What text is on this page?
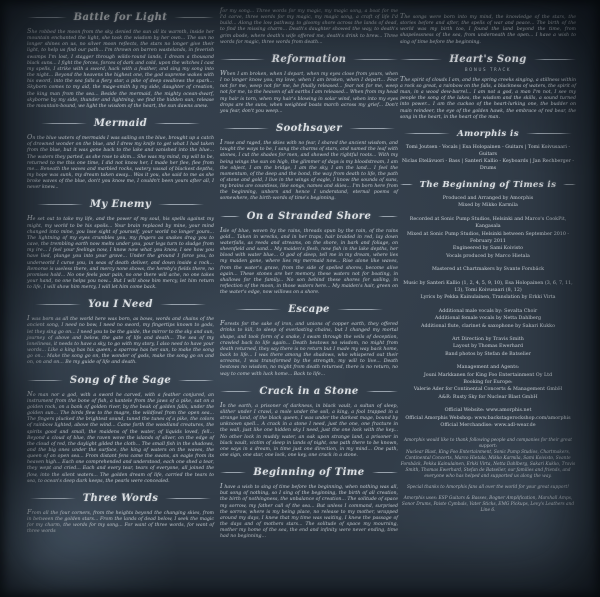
Battle for Light
She robbed the moon from the sky, denied the sun all its warmth, inside her mountain enchanted the light, she took the wisdom by her own... The sun no longer shines on us, no silver moon reflects, the stars no longer give their light, to help us find our path... I'm thrown on barren wastelands, in feverish swamps I'm lost, I stagger through wilds-round lands, I dream a thousand black suns... I fight the forces, forces of dark and cold, upon the witches I cast my spells, I strike with a sword, hack with a feather, and sing my song into the night... Beyond the heavens the highest one, the god supreme wakes with his sword, into the sea falls a fiery star, a pike of deep swallows the spark... Skyborn comes to my aid, the mage-smith by my side, daughter of creation, the king man from the sea... Beside the mermaid, the mighty ocean-dwarf, skyborne by my side, thunder and lightning, we find the hidden sun, release the mountain-bound, we light the wisdom of the heart, the sun dawns anew.
Mermaid
On the blue waters of mermaids I was sailing on the blue, brought up a catch of drowned wonder on the blue, and I drew my knife to get what I had taken from the blue, but it was gone back to the lake and vanished into the blue... The waters they parted, as she rose to skim... She was my mind, my will to be, returned to me this one time, I did not know her, I made her flee, flee from me... Beneath the waves and marbled rocks, watery vassal of blackest depths, my hope was sunk, my dream taken away... Was it you, she said to me as she broke waves of the blue, don't you know me, I couldn't been yours after all, I never knew...
My Enemy
He set out to take my life, and the power of my soul, his spells against my might, my world to be his spoils... Your brain replaced by mine, your mind changed into mine, you lose sight of yourself, your world no longer yours... The lightning of my eyes crumbles you, my fingers as snakes drag you to cave, the trembling earth now melts under you, your legs turn to sludge from my ire... I feel your feelings now, I know now what you know, I see how you have lied, plunge you into your grave... Under the ground I force you, to underworld I curse you, in seas of death deliver, and down inside a rock... Remorse is useless there, and mercy none shows, the hereby's fields there, no promises hold... No one feels your pain, no one there will ache, no one takes your hand, no one helps you now... But I will show him mercy, let him return to life, I will show him mercy, I will let him come back.
You I Need
I was born as all the world here was born, as bows, words and chains of the ancient song, I need no bow, I need no sword, my fingertips known to gods, let they sing go on... I need you to be the guide, the mirror to the sky and sun, journey of above and below, the gate of life and death... The sea of my loneliness, it needs to have a sky, to go with my story, I also need to have your words... Like a king has his queen, a sparrow has her sun, to make the song go on... Make the song go on, the wonder of gods, make the song go on and on, on and on... Be my guide of life and death.
Song of the Sage
No man nor a god, with a sword he carved, with a feather conjured, an instrument from the bone of fish, a kantele from the jaws of a pike, sat on a golden rock, on a bank of golden river, by the beak of golden falls, under the golden sun... The birds flew to the magre, the wildfowl from the open sea... The fingers plucked the brightest sound, tuned the tunes of a pike, the colors of rainbow lighted, above the wind... Came forth the woodland creatures, the spirits good and small, the maidens of the water, of liquids loved, fell... Beyond a cloud of blue, the raven wove the islands of silver, on the edge of the cloud of red, the daylight gilded the cloth... The small fish in the shadows, and the big ones under the surface, the king of waters on the waves, the queen of an open sea... From distant fens came the swans, an eagle from its heaven high... Each one comprehended and understood, each one shed a tear, they wept and cried... Each and every tear, tears of everyone, all joined the flow, into the silent waters... The golden dream of life, carried the tears to sea, to ocean's deep dark keeps, the pearls were concealed.
Three Words
From all the four corners, from the heights beyond the changing skies, from in between the golden stars... From the lands of dead below, I seek the magic for my charm, the words for my song... For want of three words, for want of three words
for my song... Three words for my magic, my magic song, a boat for me I'd carve, three words for my magic, my magic song, a craft of life I'd build... Along the low pathway, to gloomy shore across the lands of dead, to find the missing charm... Death's daughter showed the way, to death's grim abode, where death's wife offered me, death's drink to brew... Three words for magic, three words from death...
Reformation
When I am broken, when I depart, when my eyes close from yours, when I no longer know you, my love, when I am broken, when I depart... Fear not for me, weep not for me, be finally released... fear not for me, weep not for me, to the heaven of all earths I am released... When from my head my hair is torn, when my hair's blowing in solar wind, when into my eyes drops are the suns, when weighted boats march across my grief... Don't you fear, don't you weep...
Soothsayer
I rose and raged, the skies with no fear, I shared the ancient wisdom, and taught the ways to be, I sang the charms of stars, and named the leaf with stones, I cut the shades for men, and showed the rightful roots... With my being wings the sun on high, the glimmer of days is my bloodstream, I am the object, I am the bridge, I am the sky, I am the land... I feel the momentum, of the deep and the bond, the way from death to life, the path of stone and gold, I live in the wings of eagle, I know the sounds of suns, my brains are countless, like songs, names and skies... I'm born here from the beginning, unborn and hence I understand, eternal poems of somewhere, the birth-words of time's beginning.
On a Stranded Shore
Isle of blue, woven by the rains, threads spun by the rain, of the rains gold... Taken in wrecks, and in her traps, hair braided in red, lay down waterfalls, as reeds and streams, on the shore, in bark and foliage, on sheenfield and sand... My maiden's flesh, now fish in the lake depths, her blood with water blue... O god of sleep, tell me in my dream, where lies my maiden gone, where lies my mermaid now... Rise alone like waves, from the water's grave, from the side of spelled shores, become alive again... These stones are her memory, these waters not for boating, in shallows for the family... No son behind these shores for sailing, in reflection of the moon, in those waters here... My maiden's hair, green on the water's edge, now willows on a shore.
Escape
Forests for the sake of iron, and unions of copper earth, they offered drinks to kill, to sleep of everlasting chains, but I changed my mortal shape, and took form of a snake, I swam through the veils of deception, crawled back to life again... Death bestows no wisdom, no might from death returned, they say there is no return but I made my way back home, back to life... I was there among the shadows, who whispered out their screams, I was transformed by the strength, my will to live... Death bestows no wisdom, no might from death returned, there is no return, no way to come with luck home... Back to life...
Crack in a Stone
In the earth, a prisoner of darkness, in black vault, a sultan of sleep, slither under I crawl, a mole under the soil, a king, a fool trapped in a strange land, of the black queen, I was under the darkest mage, bound by unknown spell... A crack in a stone I need, just the one, one fracture in the wall, just like one hidden sky I need, just the one lock with the key... No other lock in muddy water, an oak upon strange land, a prisoner in black vault, victim of sleep in lands of night, one path there to be known, one says in a dream, in time just one direction, in my mind... One path, one sign, one star, one lock, one key, one crack in a stone.
Beginning of Time
I have a wish to sing of time before the beginning, when nothing was all, but song of nothing, so I sing of the beginning, the birth of all creation, the birth of nothingness, the unbalance of creation... The solitude of space my sorrow, my father call of the sea... But unless I command, surprised the sorrow, where is my being place, no release to my mother, wrapped around my days, I knew that my time was waiting, I knew the passage of the days and of mothers stars... The solitude of space my mourning, mother my home of the sea, the end and infinity were never ending, time had no beginning...
The songs were born into my mind, the knowledge of the stars, the stories before and after, the spells of war and peace... The birth of the world was my birth too, I found the land beyond the time, from shapelessness of the sea, from underneath the open... I have a wish to sing of time before the beginning.
Heart's Song
BONUS TRACK
The spirit of clouds I am, and the spring creeks singing, a stillness within a rock so great, a rainbow on the falls, a blackness of waters, the spirit of man, in a wood dew-barrel... I am not a god, a man I'm not, I see my people the song of the lakes, the wisdom and the skills, a sound turned into power... I am the cuckoo of the heart-lurking one, the budder on main reindeer, the eye of the golden hawk, the embrace of red bear, the song in the heart, in the heart of the man.
Amorphis is
Tomi Joutsen - Vocals | Esa Holopainen - Guitars | Tomi Koivusaari - Guitars
Niclas Etelävuori - Bass | Santeri Kallio - Keyboards | Jan Rechberger - Drums
The Beginning of Times is
Produced and Arranged by Amorphis
Mixed by Mikko Karmila
Recorded at Sonic Pump Studios, Helsinki and Marco's CookPit, Kangasala
Mixed at Sonic Pump Studios, Helsinki between September 2010 - February 2011
Engineered by Sami Koivisto
Vocals produced by Marco Hietala
Mastered at Chartmakers by Svante Forsbäck
Music by Santeri Kallio (1, 2, 4, 5, 9, 10), Esa Holopainen (3, 6, 7, 11, 13), Tomi Koivusaari (8, 12)
Lyrics by Pekka Kainulainen, Translation by Erkki Virta
Additional male vocals by: Sevalta Choir
Additional female vocals by Netta Dahlberg
Additional flute, clarinet & saxophone by Sakari Kukko
Art Direction by Travis Smith
Layout by Thomas Ewerhard
Band photos by Stefan de Batselier
Management and Agents:
Jouni Markkanen for King Foo Entertainment Oy Ltd
Booking for Europe:
Valerie Ader for Continental Concerts & Management GmbH
A&R: Rusty Sky for Nuclear Blast GmbH
Official Website: www.amorphis.net
Official Amorphis Webshop: www.backstagerockshop.com/amorphis
Official Merchandise: www.adl-wear.de
Amorphis would like to thank following people and companies for their great support:
Nuclear Blast, King Foo Entertainment, Sonic Pump Studios, Chartmakers, Continental Concerts, Marco Hietala, Mikko Karmila, Sami Koivisto, Svante Forsbäck, Pekka Kainulainen, Erkki Virta, Netta Dahlberg, Sakari Kukko, Travis Smith, Thomas Ewerhard, Stefan de Batselier, our families and friends, and everyone who has helped and supported us along the way.
Special thanks to Amorphis fans all over the world for your great support!
Amorphis uses: ESP Guitars & Basses, Bogner Amplification, Marshall Amps, Sonor Drums, Paiste Cymbals, Vater Sticks, EMG Pickups, Levy's Leathers and Line 6.
